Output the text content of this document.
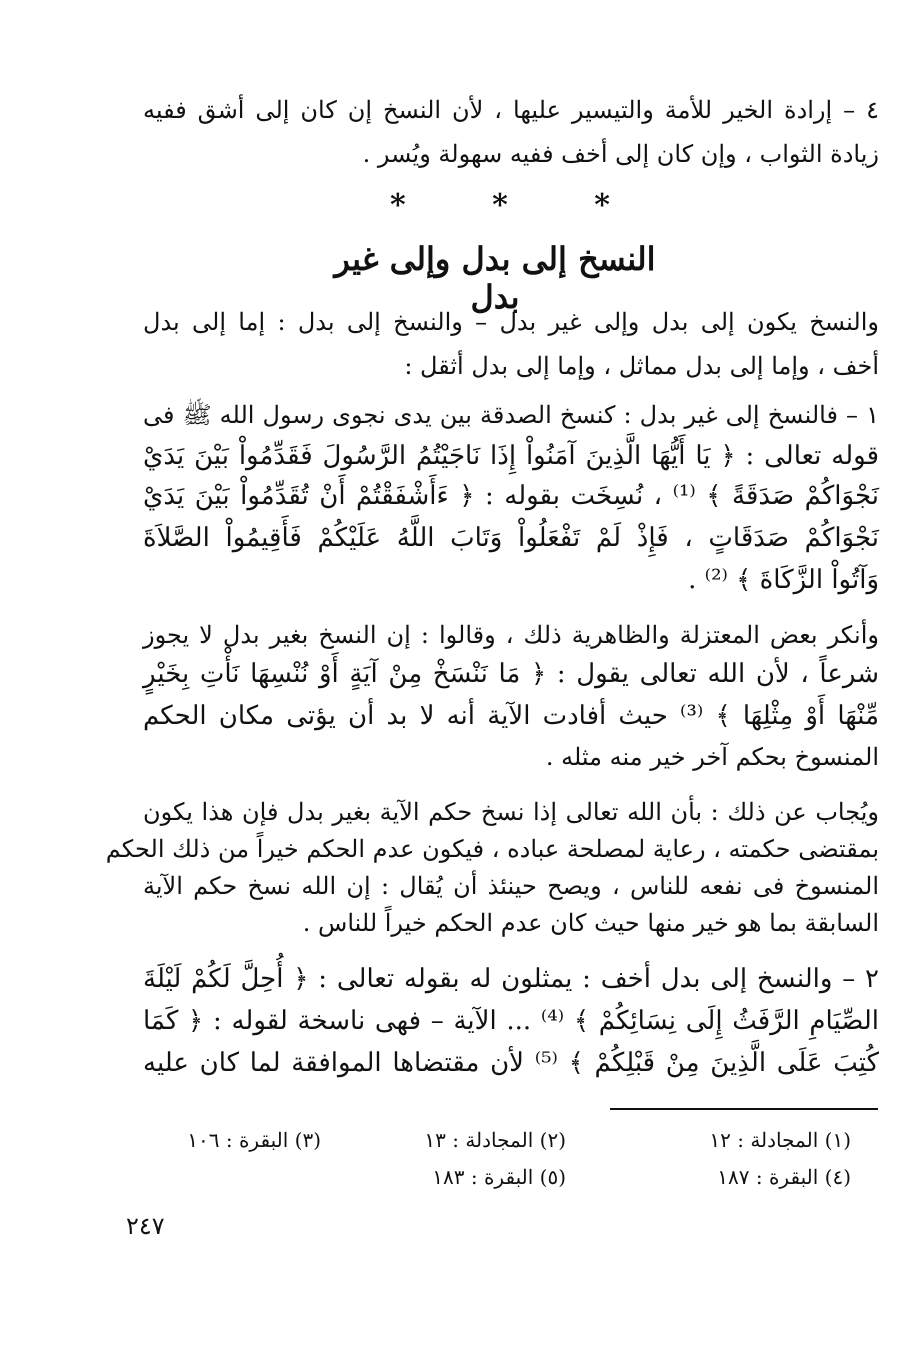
٤ – إرادة الخير للأمة والتيسير عليها ، لأن النسخ إن كان إلى أشق ففيه
زيادة الثواب ، وإن كان إلى أخف ففيه سهولة ويُسر .
*	*	*
النسخ إلى بدل وإلى غير بدل
والنسخ يكون إلى بدل وإلى غير بدل – والنسخ إلى بدل : إما إلى بدل
أخف ، وإما إلى بدل مماثل ، وإما إلى بدل أثقل :
١ – فالنسخ إلى غير بدل : كنسخ الصدقة بين يدى نجوى رسول الله ﷺ فى
قوله تعالى : ﴿ يَا أَيُّهَا الَّذِينَ آمَنُواْ إِذَا نَاجَيْتُمُ الرَّسُولَ فَقَدِّمُواْ بَيْنَ يَدَيْ
نَجْوَاكُمْ صَدَقَةً ﴾ ⁽¹⁾ ، نُسِخَت بقوله : ﴿ ءَأَشْفَقْتُمْ أَنْ تُقَدِّمُواْ بَيْنَ يَدَيْ
نَجْوَاكُمْ صَدَقَاتٍ ، فَإِذْ لَمْ تَفْعَلُواْ وَتَابَ اللَّهُ عَلَيْكُمْ فَأَقِيمُواْ الصَّلاَةَ
وَآتُواْ الزَّكَاةَ ﴾ ⁽²⁾ .
وأنكر بعض المعتزلة والظاهرية ذلك ، وقالوا : إن النسخ بغير بدل لا يجوز
شرعاً ، لأن الله تعالى يقول : ﴿ مَا نَنْسَخْ مِنْ آيَةٍ أَوْ نُنْسِهَا نَأْتِ بِخَيْرٍ
مِّنْهَا أَوْ مِثْلِهَا ﴾ ⁽³⁾ حيث أفادت الآية أنه لا بد أن يؤتى مكان الحكم
المنسوخ بحكم آخر خير منه مثله .
ويُجاب عن ذلك : بأن الله تعالى إذا نسخ حكم الآية بغير بدل فإن هذا يكون
بمقتضى حكمته ، رعاية لمصلحة عباده ، فيكون عدم الحكم خيراً من ذلك الحكم
المنسوخ فى نفعه للناس ، ويصح حينئذ أن يُقال : إن الله نسخ حكم الآية
السابقة بما هو خير منها حيث كان عدم الحكم خيراً للناس .
٢ – والنسخ إلى بدل أخف : يمثلون له بقوله تعالى : ﴿ أُحِلَّ لَكُمْ لَيْلَةَ
الصِّيَامِ الرَّفَثُ إِلَى نِسَائِكُمْ ﴾ ⁽⁴⁾ ... الآية – فهى ناسخة لقوله : ﴿ كَمَا
كُتِبَ عَلَى الَّذِينَ مِنْ قَبْلِكُمْ ﴾ ⁽⁵⁾ لأن مقتضاها الموافقة لما كان عليه
(١) المجادلة : ١٢
(٢) المجادلة : ١٣
(٣) البقرة : ١٠٦
(٤) البقرة : ١٨٧
(٥) البقرة : ١٨٣
٢٤٧
